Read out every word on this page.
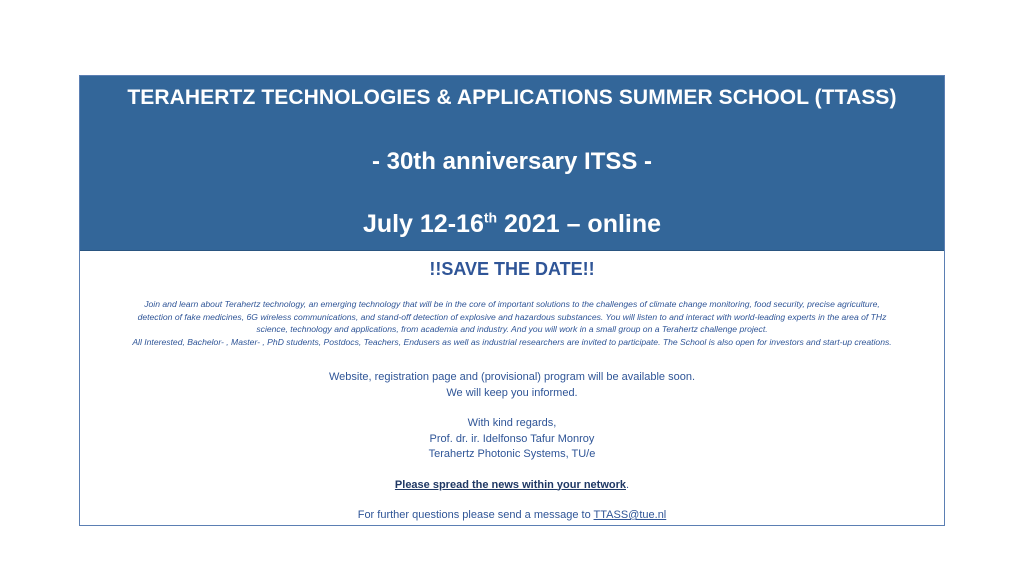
TERAHERTZ TECHNOLOGIES & APPLICATIONS SUMMER SCHOOL (TTASS)
- 30th anniversary ITSS -
July 12-16th 2021 – online
!!SAVE THE DATE!!
Join and learn about Terahertz technology, an emerging technology that will be in the core of important solutions to the challenges of climate change monitoring, food security, precise agriculture,
detection of fake medicines, 6G wireless communications, and stand-off detection of explosive and hazardous substances. You will listen to and interact with world-leading experts in the area of THz
science, technology and applications, from academia and industry. And you will work in a small group on a Terahertz challenge project.
All Interested, Bachelor- , Master- , PhD students, Postdocs, Teachers, Endusers as well as industrial researchers are invited to participate. The School is also open for investors and start-up creations.
Website, registration page and (provisional) program will be available soon.
We will keep you informed.
With kind regards,
Prof. dr. ir. Idelfonso Tafur Monroy
Terahertz Photonic Systems, TU/e
Please spread the news within your network.
For further questions please send a message to TTASS@tue.nl
